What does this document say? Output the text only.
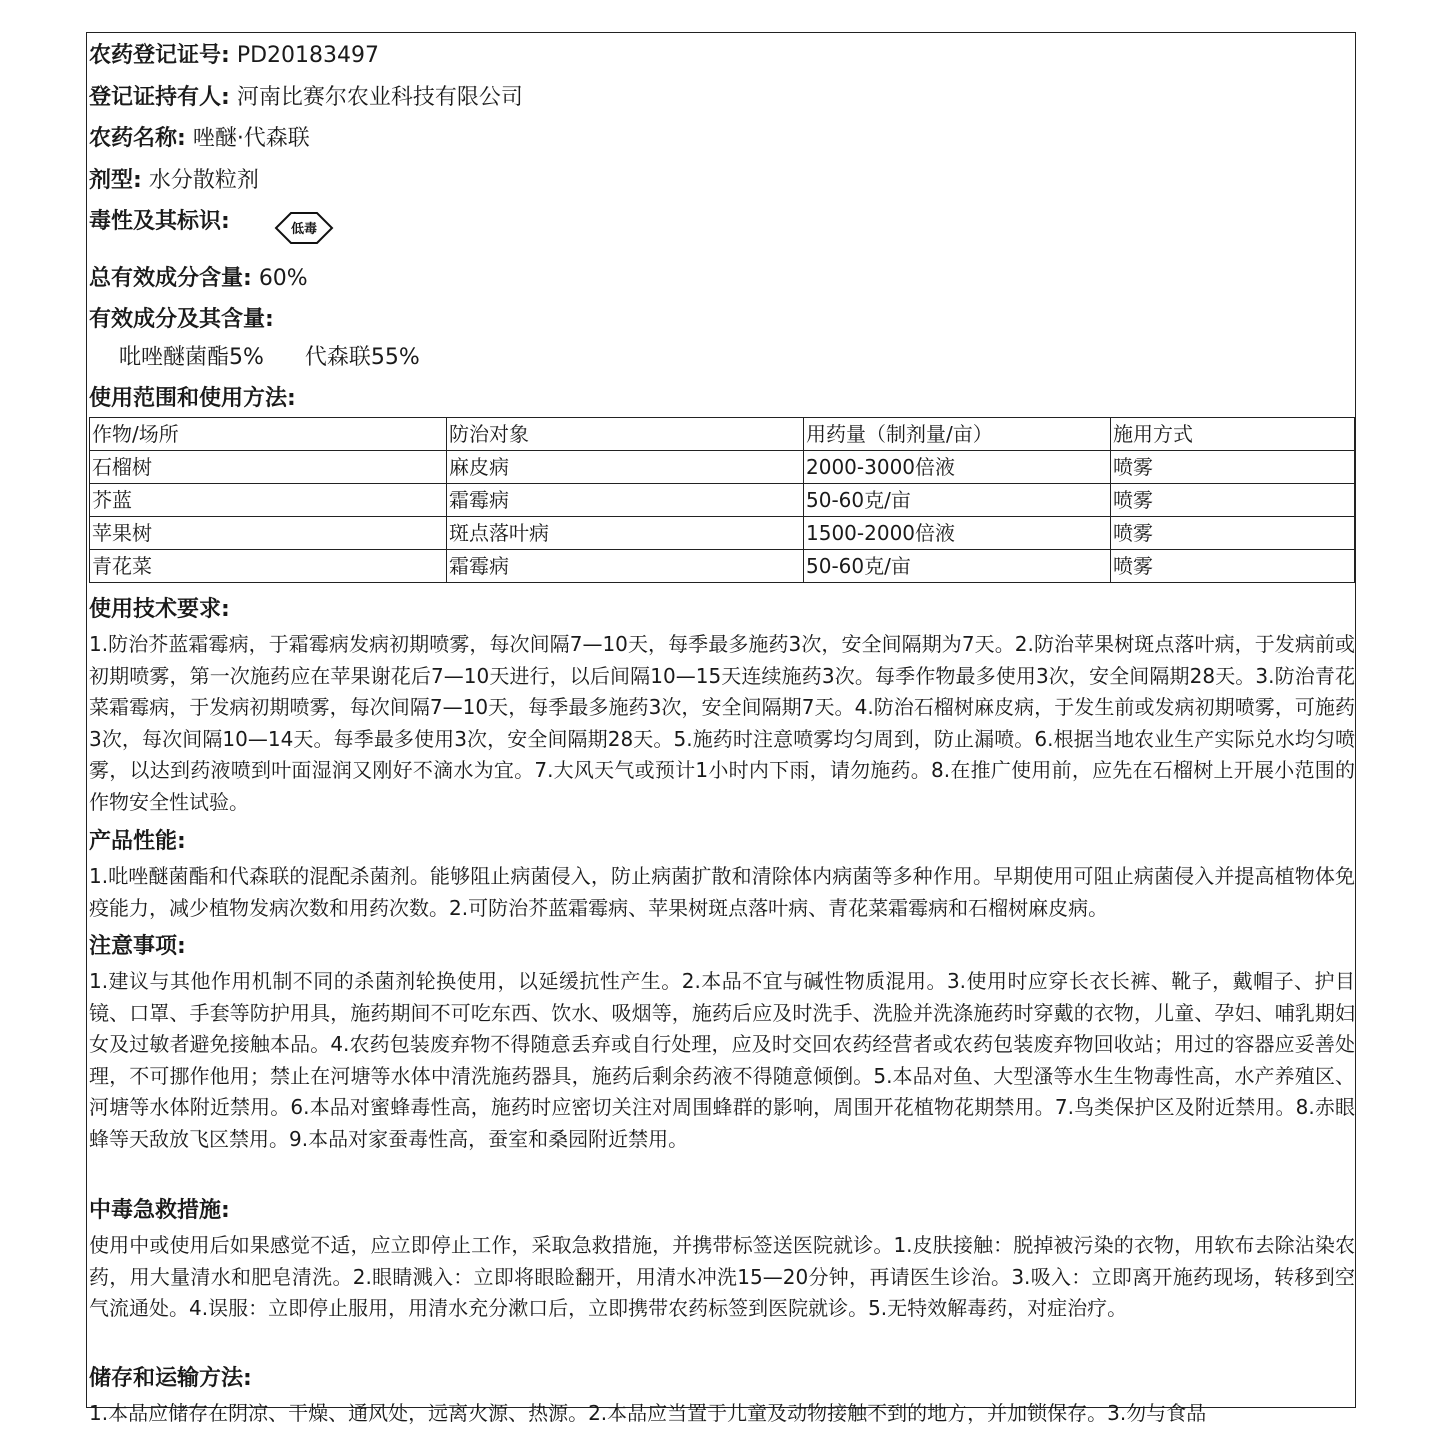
农药登记证号: PD20183497
登记证持有人: 河南比赛尔农业科技有限公司
农药名称: 唑醚·代森联
剂型: 水分散粒剂
毒性及其标识:	低毒
总有效成分含量: 60%
有效成分及其含量:
吡唑醚菌酯5% 代森联55%
使用范围和使用方法:
作物/场所	防治对象	用药量（制剂量/亩）	施用方式
石榴树	麻皮病	2000-3000倍液	喷雾
芥蓝	霜霉病	50-60克/亩	喷雾
苹果树	斑点落叶病	1500-2000倍液	喷雾
青花菜	霜霉病	50-60克/亩	喷雾
使用技术要求:
1.防治芥蓝霜霉病，于霜霉病发病初期喷雾，每次间隔7—10天，每季最多施药3次，安全间隔期为7天。2.防治苹果树斑点落叶病，于发病前或初期喷雾，第一次施药应在苹果谢花后7—10天进行，以后间隔10—15天连续施药3次。每季作物最多使用3次，安全间隔期28天。3.防治青花菜霜霉病，于发病初期喷雾，每次间隔7—10天，每季最多施药3次，安全间隔期7天。4.防治石榴树麻皮病，于发生前或发病初期喷雾，可施药3次，每次间隔10—14天。每季最多使用3次，安全间隔期28天。5.施药时注意喷雾均匀周到，防止漏喷。6.根据当地农业生产实际兑水均匀喷雾，以达到药液喷到叶面湿润又刚好不滴水为宜。7.大风天气或预计1小时内下雨，请勿施药。8.在推广使用前，应先在石榴树上开展小范围的作物安全性试验。
产品性能:
1.吡唑醚菌酯和代森联的混配杀菌剂。能够阻止病菌侵入，防止病菌扩散和清除体内病菌等多种作用。早期使用可阻止病菌侵入并提高植物体免疫能力，减少植物发病次数和用药次数。2.可防治芥蓝霜霉病、苹果树斑点落叶病、青花菜霜霉病和石榴树麻皮病。
注意事项:
1.建议与其他作用机制不同的杀菌剂轮换使用，以延缓抗性产生。2.本品不宜与碱性物质混用。3.使用时应穿长衣长裤、靴子，戴帽子、护目镜、口罩、手套等防护用具，施药期间不可吃东西、饮水、吸烟等，施药后应及时洗手、洗脸并洗涤施药时穿戴的衣物，儿童、孕妇、哺乳期妇女及过敏者避免接触本品。4.农药包装废弃物不得随意丢弃或自行处理，应及时交回农药经营者或农药包装废弃物回收站；用过的容器应妥善处理，不可挪作他用；禁止在河塘等水体中清洗施药器具，施药后剩余药液不得随意倾倒。5.本品对鱼、大型溞等水生生物毒性高，水产养殖区、河塘等水体附近禁用。6.本品对蜜蜂毒性高，施药时应密切关注对周围蜂群的影响，周围开花植物花期禁用。7.鸟类保护区及附近禁用。8.赤眼蜂等天敌放飞区禁用。9.本品对家蚕毒性高，蚕室和桑园附近禁用。
中毒急救措施:
使用中或使用后如果感觉不适，应立即停止工作，采取急救措施，并携带标签送医院就诊。1.皮肤接触：脱掉被污染的衣物，用软布去除沾染农药，用大量清水和肥皂清洗。2.眼睛溅入：立即将眼睑翻开，用清水冲洗15—20分钟，再请医生诊治。3.吸入：立即离开施药现场，转移到空气流通处。4.误服：立即停止服用，用清水充分漱口后，立即携带农药标签到医院就诊。5.无特效解毒药，对症治疗。
储存和运输方法:
1.本品应储存在阴凉、干燥、通风处，远离火源、热源。2.本品应当置于儿童及动物接触不到的地方，并加锁保存。3.勿与食品
